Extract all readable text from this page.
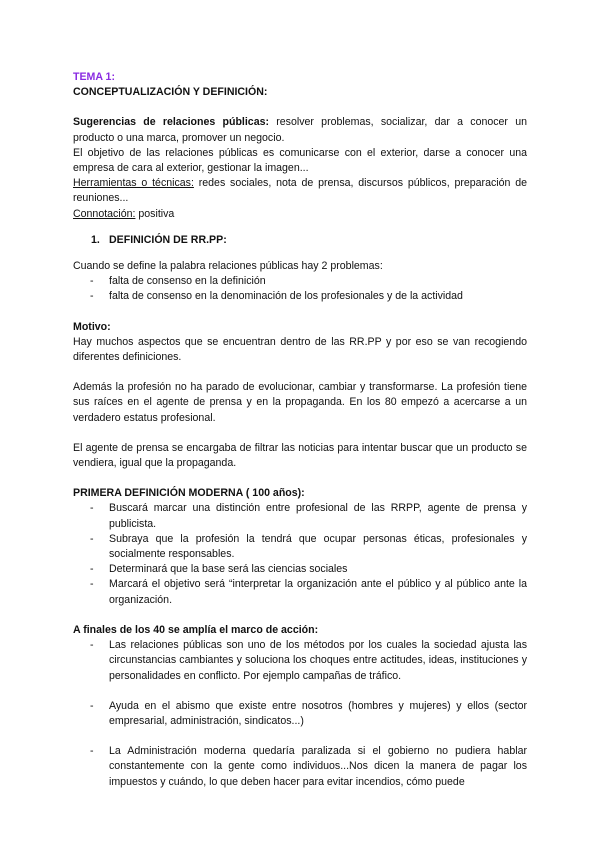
TEMA 1:

CONCEPTUALIZACIÓN Y DEFINICIÓN:

Sugerencias de relaciones públicas: resolver problemas, socializar, dar a conocer un producto o una marca, promover un negocio.

El objetivo de las relaciones públicas es comunicarse con el exterior, darse a conocer una empresa de cara al exterior, gestionar la imagen...

Herramientas o técnicas: redes sociales, nota de prensa, discursos públicos, preparación de reuniones...

Connotación: positiva

1. DEFINICIÓN DE RR.PP:

Cuando se define la palabra relaciones públicas hay 2 problemas:

- falta de consenso en la definición
- falta de consenso en la denominación de los profesionales y de la actividad

Motivo:

Hay muchos aspectos que se encuentran dentro de las RR.PP y por eso se van recogiendo diferentes definiciones.

Además la profesión no ha parado de evolucionar, cambiar y transformarse. La profesión tiene sus raíces en el agente de prensa y en la propaganda. En los 80 empezó a acercarse a un verdadero estatus profesional.

El agente de prensa se encargaba de filtrar las noticias para intentar buscar que un producto se vendiera, igual que la propaganda.

PRIMERA DEFINICIÓN MODERNA ( 100 años):

- Buscará marcar una distinción entre profesional de las RRPP, agente de prensa y publicista.
- Subraya que la profesión la tendrá que ocupar personas éticas, profesionales y socialmente responsables.
- Determinará que la base será las ciencias sociales
- Marcará el objetivo será “interpretar la organización ante el público y al público ante la organización.

A finales de los 40 se amplía el marco de acción:

- Las relaciones públicas son uno de los métodos por los cuales la sociedad ajusta las circunstancias cambiantes y soluciona los choques entre actitudes, ideas, instituciones y personalidades en conflicto. Por ejemplo campañas de tráfico.
- Ayuda en el abismo que existe entre nosotros (hombres y mujeres) y ellos (sector empresarial, administración, sindicatos...)
- La Administración moderna quedaría paralizada si el gobierno no pudiera hablar constantemente con la gente como individuos...Nos dicen la manera de pagar los impuestos y cuándo, lo que deben hacer para evitar incendios, cómo puede
